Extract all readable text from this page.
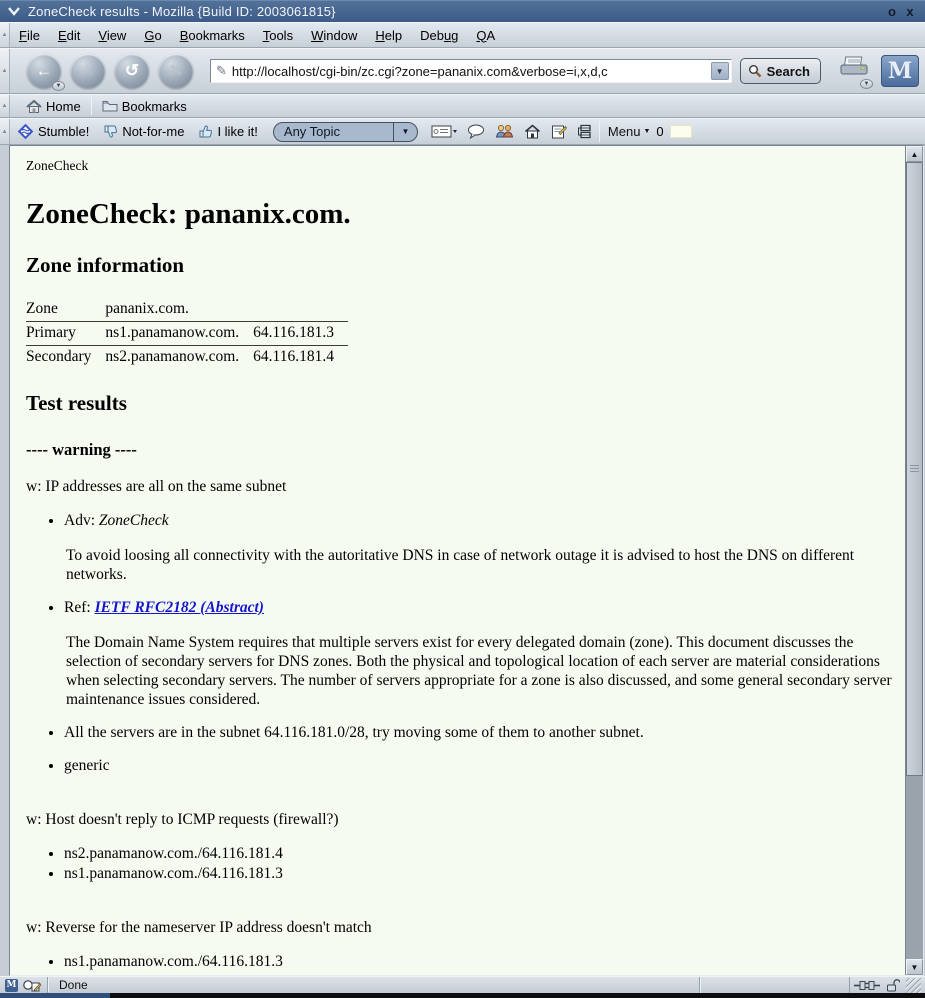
ZoneCheck results - Mozilla {Build ID: 2003061815}	o x
▲ File	Edit	View	Go	Bookmarks	Tools	Window	Help	Debug	QA
▲ ←
▼
→ ↺ ✕	✎
http://localhost/cgi-bin/zc.cgi?zone=pananix.com&verbose=i,x,d,c	▼	Search
▼ M
▲	Home	Bookmarks
▲ Stumble!	Not-for-me	I like it!	Any Topic	▼	Menu ▼ 0

ZoneCheck

ZoneCheck: pananix.com.
Zone information
Zone	pananix.com.	
Primary	ns1.panamanow.com.	64.116.181.3
Secondary	ns2.panamanow.com.	64.116.181.4
Test results
---- warning ----

w: IP addresses are all on the same subnet

• Adv: ZoneCheck
To avoid loosing all connectivity with the autoritative DNS in case of network outage it is advised to host the DNS on different networks.
• Ref: IETF RFC2182 (Abstract)
The Domain Name System requires that multiple servers exist for every delegated domain (zone). This document discusses the selection of secondary servers for DNS zones. Both the physical and topological location of each server are material considerations when selecting secondary servers. The number of servers appropriate for a zone is also discussed, and some general secondary server maintenance issues considered.
• All the servers are in the subnet 64.116.181.0/28, try moving some of them to another subnet.
• generic

w: Host doesn't reply to ICMP requests (firewall?)

• ns2.panamanow.com./64.116.181.4
• ns1.panamanow.com./64.116.181.3

w: Reverse for the nameserver IP address doesn't match

• ns1.panamanow.com./64.116.181.3
▲
▼
M	Done
